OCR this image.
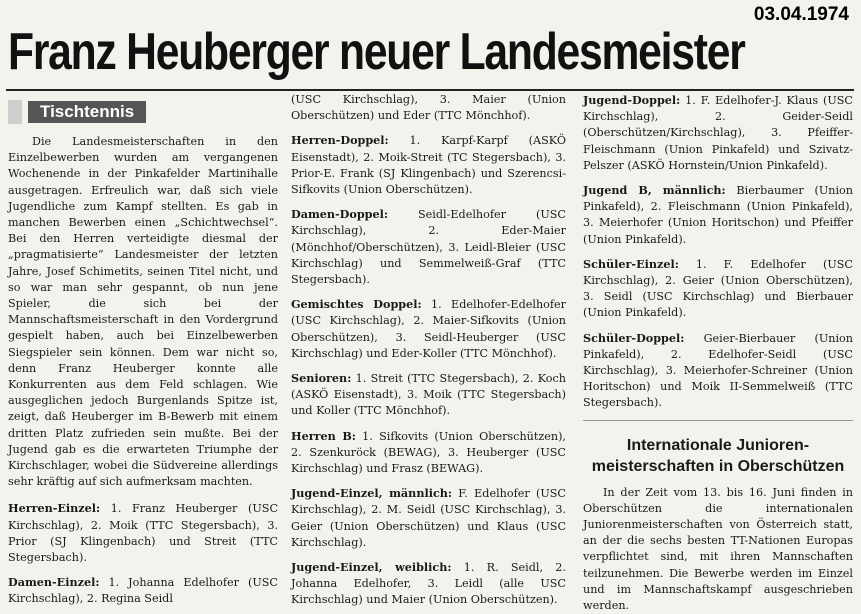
03.04.1974
Franz Heuberger neuer Landesmeister
Tischtennis

Die Landesmeisterschaften in den Einzelbewerben wurden am vergangenen Wochenende in der Pinkafelder Martinihalle ausgetragen. Erfreulich war, daß sich viele Jugendliche zum Kampf stellten. Es gab in manchen Bewerben einen „Schichtwechsel“. Bei den Herren verteidigte diesmal der „pragmatisierte“ Landesmeister der letzten Jahre, Josef Schimetits, seinen Titel nicht, und so war man sehr gespannt, ob nun jene Spieler, die sich bei der Mannschaftsmeisterschaft in den Vordergrund gespielt haben, auch bei Einzelbewerben Siegspieler sein können. Dem war nicht so, denn Franz Heuberger konnte alle Konkurrenten aus dem Feld schlagen. Wie ausgeglichen jedoch Burgenlands Spitze ist, zeigt, daß Heuberger im B-Bewerb mit einem dritten Platz zufrieden sein mußte. Bei der Jugend gab es die erwarteten Triumphe der Kirchschlager, wobei die Südvereine allerdings sehr kräftig auf sich aufmerksam machten.

Herren-Einzel: 1. Franz Heuberger (USC Kirchschlag), 2. Moik (TTC Stegersbach), 3. Prior (SJ Klingenbach) und Streit (TTC Stegersbach).

Damen-Einzel: 1. Johanna Edelhofer (USC Kirchschlag), 2. Regina Seidl

(USC Kirchschlag), 3. Maier (Union Oberschützen) und Eder (TTC Mönchhof).

Herren-Doppel: 1. Karpf-Karpf (ASKÖ Eisenstadt), 2. Moik-Streit (TC Stegersbach), 3. Prior-E. Frank (SJ Klingenbach) und Szerencsi-Sifkovits (Union Oberschützen).

Damen-Doppel: Seidl-Edelhofer (USC Kirchschlag), 2. Eder-Maier (Mönchhof/Oberschützen), 3. Leidl-Bleier (USC Kirchschlag) und Semmelweiß-Graf (TTC Stegersbach).

Gemischtes Doppel: 1. Edelhofer-Edelhofer (USC Kirchschlag), 2. Maier-Sifkovits (Union Oberschützen), 3. Seidl-Heuberger (USC Kirchschlag) und Eder-Koller (TTC Mönchhof).

Senioren: 1. Streit (TTC Stegersbach), 2. Koch (ASKÖ Eisenstadt), 3. Moik (TTC Stegersbach) und Koller (TTC Mönchhof).

Herren B: 1. Sifkovits (Union Oberschützen), 2. Szenkuröck (BEWAG), 3. Heuberger (USC Kirchschlag) und Frasz (BEWAG).

Jugend-Einzel, männlich: F. Edelhofer (USC Kirchschlag), 2. M. Seidl (USC Kirchschlag), 3. Geier (Union Oberschützen) und Klaus (USC Kirchschlag).

Jugend-Einzel, weiblich: 1. R. Seidl, 2. Johanna Edelhofer, 3. Leidl (alle USC Kirchschlag) und Maier (Union Oberschützen).

Jugend-Doppel: 1. F. Edelhofer-J. Klaus (USC Kirchschlag), 2. Geider-Seidl (Oberschützen/Kirchschlag), 3. Pfeiffer-Fleischmann (Union Pinkafeld) und Szivatz-Pelszer (ASKÖ Hornstein/Union Pinkafeld).

Jugend B, männlich: Bierbaumer (Union Pinkafeld), 2. Fleischmann (Union Pinkafeld), 3. Meierhofer (Union Horitschon) und Pfeiffer (Union Pinkafeld).

Schüler-Einzel: 1. F. Edelhofer (USC Kirchschlag), 2. Geier (Union Oberschützen), 3. Seidl (USC Kirchschlag) und Bierbauer (Union Pinkafeld).

Schüler-Doppel: Geier-Bierbauer (Union Pinkafeld), 2. Edelhofer-Seidl (USC Kirchschlag), 3. Meierhofer-Schreiner (Union Horitschon) und Moik II-Semmelweiß (TTC Stegersbach).

Internationale Junioren-meisterschaften in Oberschützen

In der Zeit vom 13. bis 16. Juni finden in Oberschützen die internationalen Juniorenmeisterschaften von Österreich statt, an der die sechs besten TT-Nationen Europas verpflichtet sind, mit ihren Mannschaften teilzunehmen. Die Bewerbe werden im Einzel und im Mannschaftskampf ausgeschrieben werden.
